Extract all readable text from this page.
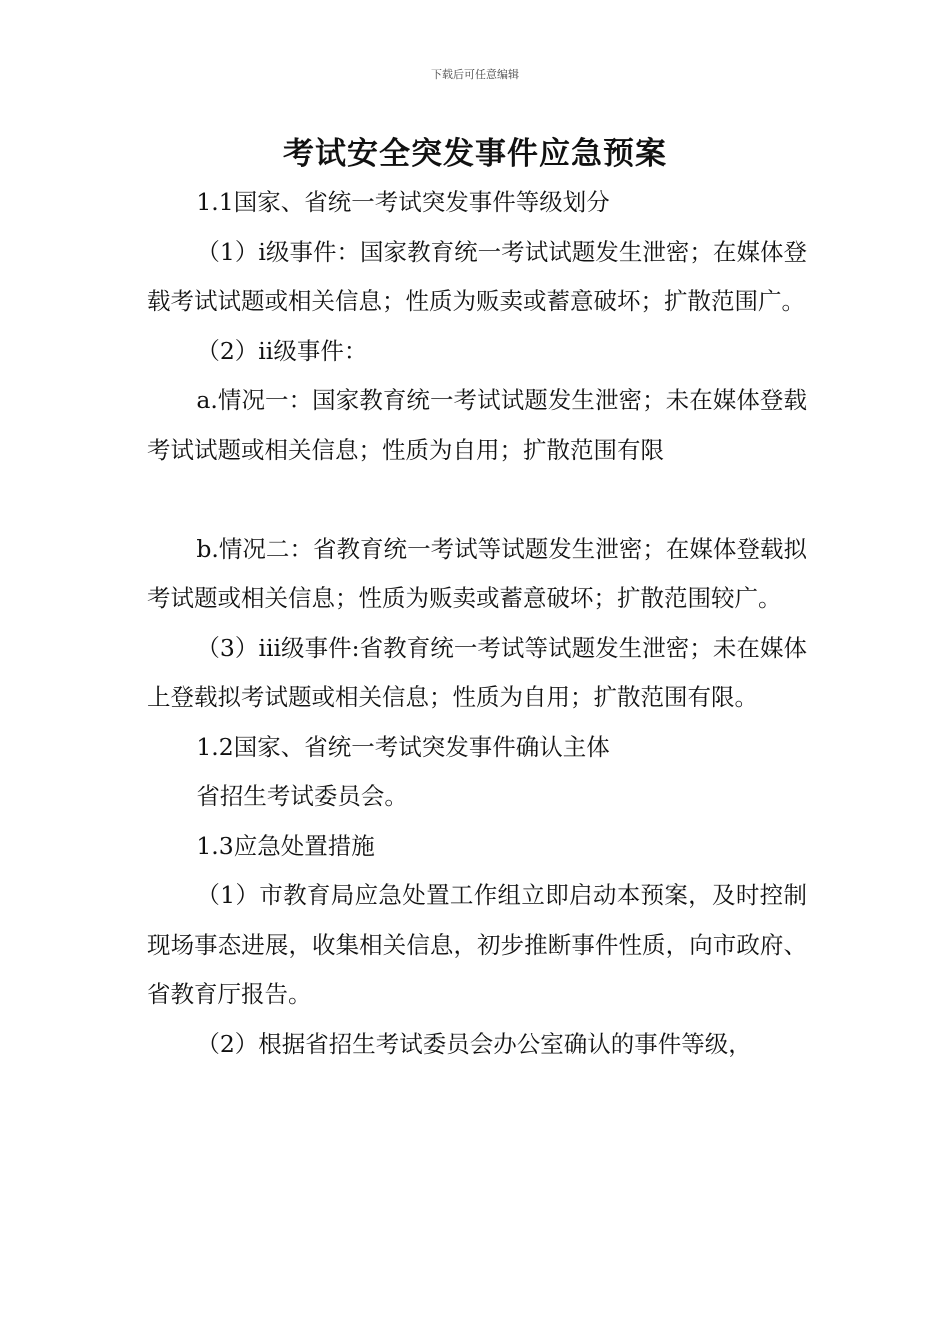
下载后可任意编辑
考试安全突发事件应急预案

1.1国家、省统一考试突发事件等级划分

（1）ⅰ级事件：国家教育统一考试试题发生泄密；在媒体登载考试试题或相关信息；性质为贩卖或蓄意破坏；扩散范围广。

（2）ⅱ级事件：

a.情况一：国家教育统一考试试题发生泄密；未在媒体登载考试试题或相关信息；性质为自用；扩散范围有限

b.情况二：省教育统一考试等试题发生泄密；在媒体登载拟考试题或相关信息；性质为贩卖或蓄意破坏；扩散范围较广。

（3）ⅲ级事件:省教育统一考试等试题发生泄密；未在媒体上登载拟考试题或相关信息；性质为自用；扩散范围有限。

1.2国家、省统一考试突发事件确认主体

省招生考试委员会。

1.3应急处置措施

（1）市教育局应急处置工作组立即启动本预案，及时控制现场事态进展，收集相关信息，初步推断事件性质，向市政府、省教育厅报告。

（2）根据省招生考试委员会办公室确认的事件等级，
